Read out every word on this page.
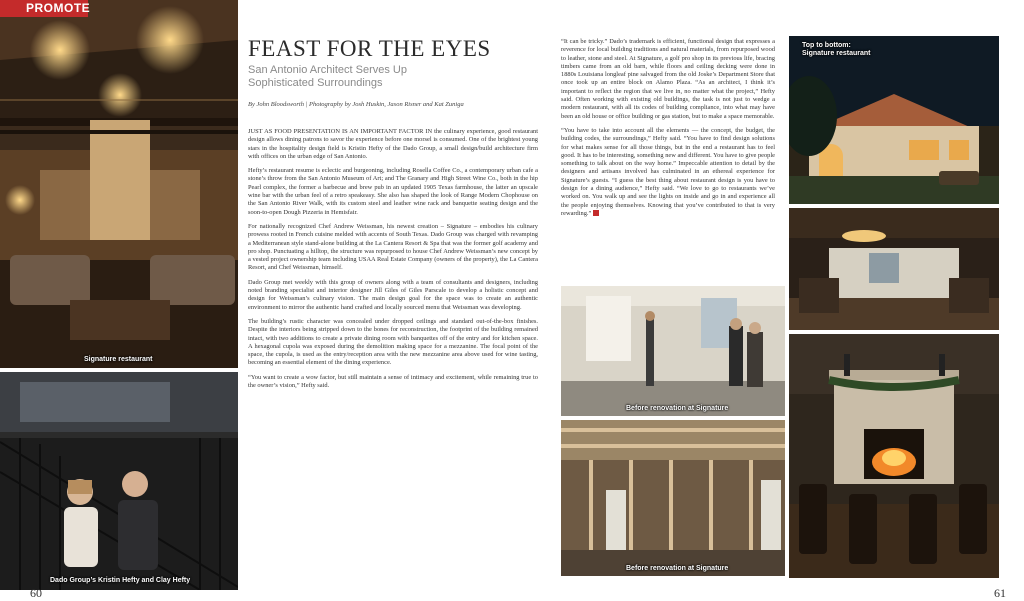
PROMOTE
Signature restaurant
Dado Group’s Kristin Hefty and Clay Hefty
60
FEAST FOR THE EYES
San Antonio Architect Serves Up
Sophisticated Surroundings
By John Bloodsworth | Photography by Josh Huskin, Jason Risner and Kat Zuniga

JUST AS FOOD PRESENTATION IS AN IMPORTANT FACTOR IN the culinary experience, good restaurant design allows dining patrons to savor the experience before one morsel is consumed. One of the brightest young stars in the hospitality design field is Kristin Hefty of the Dado Group, a small design/build architecture firm with offices on the urban edge of San Antonio.

Hefty’s restaurant resume is eclectic and burgeoning, including Rosella Coffee Co., a contemporary urban cafe a stone’s throw from the San Antonio Museum of Art; and The Granary and High Street Wine Co., both in the hip Pearl complex, the former a barbecue and brew pub in an updated 1905 Texas farmhouse, the latter an upscale wine bar with the urban feel of a retro speakeasy. She also has shaped the look of Range Modern Chophouse on the San Antonio River Walk, with its custom steel and leather wine rack and banquette seating design and the soon-to-open Dough Pizzeria in Hemisfair.

For nationally recognized Chef Andrew Weissman, his newest creation – Signature – embodies his culinary prowess rooted in French cuisine melded with accents of South Texas. Dado Group was charged with revamping a Mediterranean style stand-alone building at the La Cantera Resort & Spa that was the former golf academy and pro shop. Punctuating a hilltop, the structure was repurposed to house Chef Andrew Weissman’s new concept by a vested project ownership team including USAA Real Estate Company (owners of the property), the La Cantera Resort, and Chef Weissman, himself.

Dado Group met weekly with this group of owners along with a team of consultants and designers, including noted branding specialist and interior designer Jill Giles of Giles Parscale to develop a holistic concept and design for Weissman’s culinary vision. The main design goal for the space was to create an authentic environment to mirror the authentic hand crafted and locally sourced menu that Weissman was developing.

The building’s rustic character was concealed under dropped ceilings and standard out-of-the-box finishes. Despite the interiors being stripped down to the bones for reconstruction, the footprint of the building remained intact, with two additions to create a private dining room with banquettes off of the entry and for kitchen space. A hexagonal cupola was exposed during the demolition making space for a mezzanine. The focal point of the space, the cupola, is used as the entry/reception area with the new mezzanine area above used for wine tasting, becoming an essential element of the dining experience.

“You want to create a wow factor, but still maintain a sense of intimacy and excitement, while remaining true to the owner’s vision,” Hefty said.

“It can be tricky.” Dado’s trademark is efficient, functional design that expresses a reverence for local building traditions and natural materials, from repurposed wood to leather, stone and steel. At Signature, a golf pro shop in its previous life, bracing timbers came from an old barn, while floors and ceiling decking were done in 1880s Louisiana longleaf pine salvaged from the old Joske’s Department Store that once took up an entire block on Alamo Plaza. “As an architect, I think it’s important to reflect the region that we live in, no matter what the project,” Hefty said. Often working with existing old buildings, the task is not just to wedge a modern restaurant, with all its codes of building compliance, into what may have been an old house or office building or gas station, but to make a space memorable.

“You have to take into account all the elements — the concept, the budget, the building codes, the surroundings,” Hefty said. “You have to find design solutions for what makes sense for all those things, but in the end a restaurant has to feel good. It has to be interesting, something new and different. You have to give people something to talk about on the way home.” Impeccable attention to detail by the designers and artisans involved has culminated in an ethereal experience for Signature’s guests. “I guess the best thing about restaurant design is you have to design for a dining audience,” Hefty said. “We love to go to restaurants we’ve worked on. You walk up and see the lights on inside and go in and experience all the people enjoying themselves. Knowing that you’ve contributed to that is very rewarding.”

Before renovation at Signature
Before renovation at Signature
Top to bottom:
Signature restaurant
61
